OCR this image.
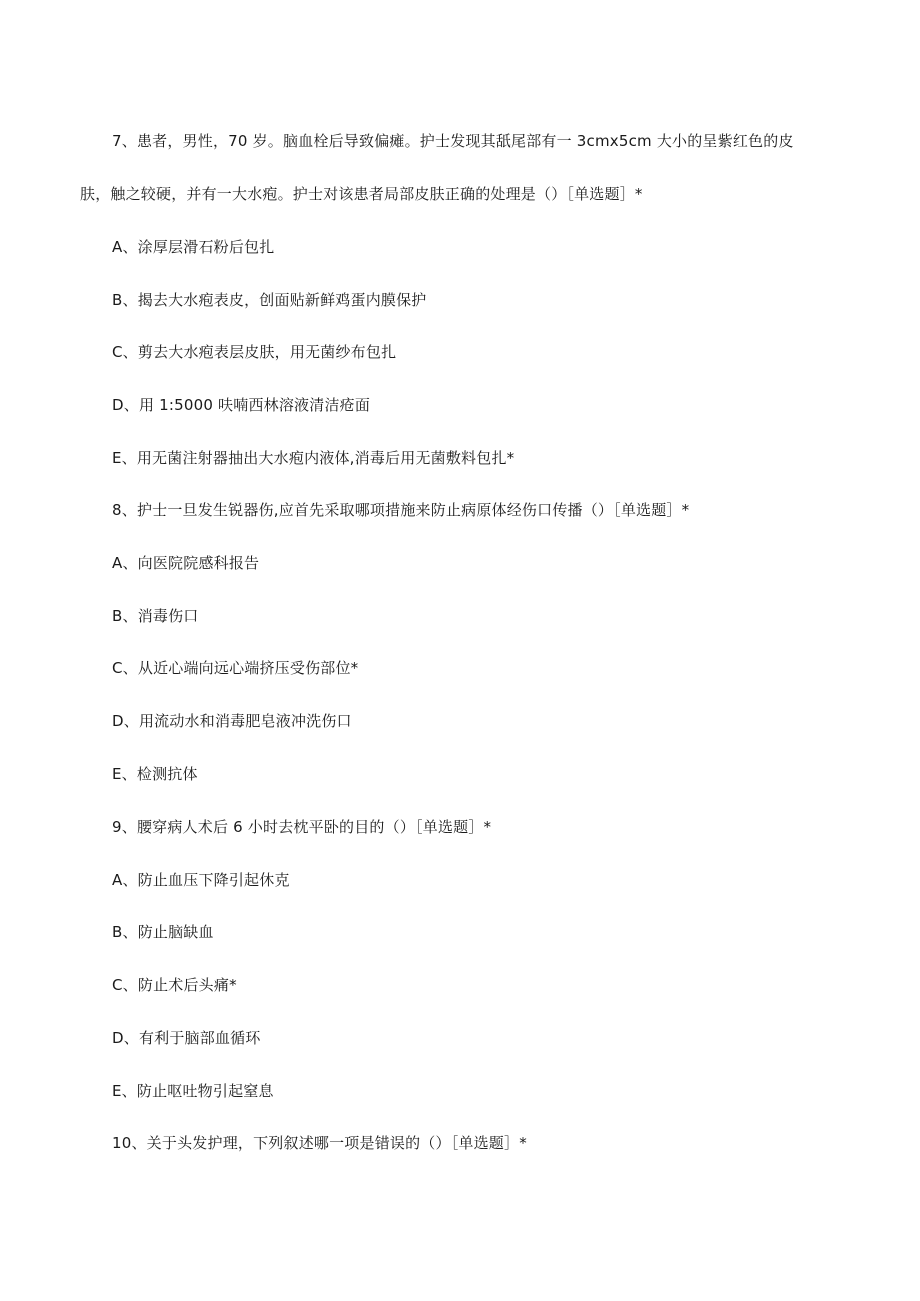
7、患者，男性，70 岁。脑血栓后导致偏瘫。护士发现其舐尾部有一 3cmx5cm 大小的呈紫红色的皮
肤，触之较硬，并有一大水疱。护士对该患者局部皮肤正确的处理是（）［单选题］*
A、涂厚层滑石粉后包扎
B、揭去大水疱表皮，创面贴新鲜鸡蛋内膜保护
C、剪去大水疱表层皮肤，用无菌纱布包扎
D、用 1:5000 呋喃西林溶液清洁疮面
E、用无菌注射器抽出大水疱内液体,消毒后用无菌敷料包扎*
8、护士一旦发生锐器伤,应首先采取哪项措施来防止病原体经伤口传播（）［单选题］*
A、向医院院感科报告
B、消毒伤口
C、从近心端向远心端挤压受伤部位*
D、用流动水和消毒肥皂液冲洗伤口
E、检测抗体
9、腰穿病人术后 6 小时去枕平卧的目的（）［单选题］*
A、防止血压下降引起休克
B、防止脑缺血
C、防止术后头痛*
D、有利于脑部血循环
E、防止呕吐物引起窒息
10、关于头发护理，下列叙述哪一项是错误的（）［单选题］*
